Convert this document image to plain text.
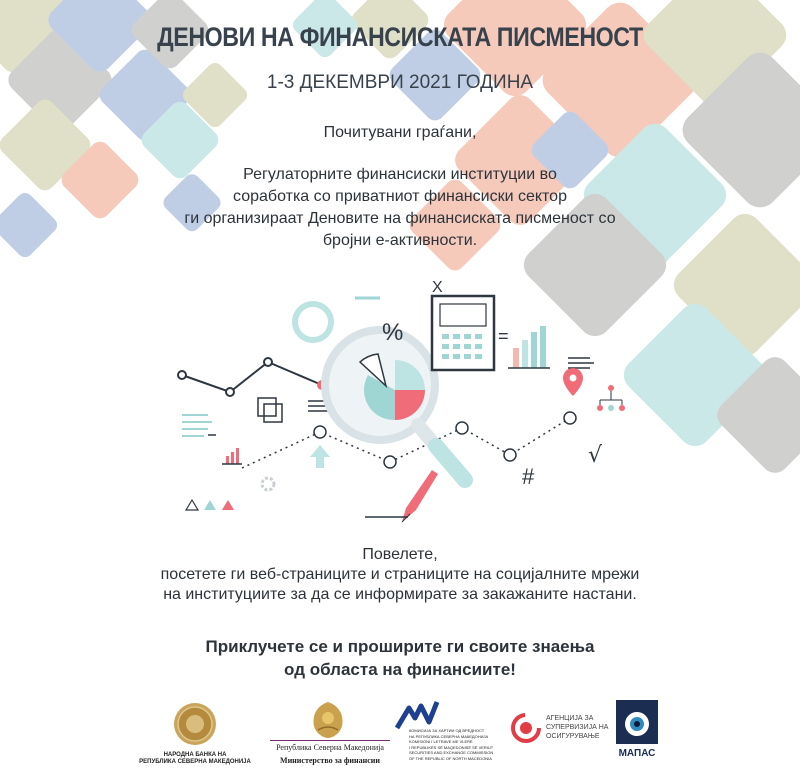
ДЕНОВИ НА ФИНАНСИСКАТА ПИСМЕНОСТ
1-3 ДЕКЕМВРИ 2021 ГОДИНА
Почитувани граѓани,
Регулаторните финансиски институции во
соработка со приватниот финансиски сектор
ги организираат Деновите на финансиската писменост со
бројни е-активности.
%
X
=
√
#
Повелете,
посетете ги веб-страниците и страниците на социјалните мрежи
на институциите за да се информирате за закажаните настани.
Приклучете се и проширите ги своите знаења
од областа на финансиите!
НАРОДНА БАНКА НА
РЕПУБЛИКА СЕВЕРНА МАКЕДОНИЈА
Република Северна Македонија
Министерство за финансии
КОМИСИЈА ЗА ХАРТИИ ОД ВРЕДНОСТ
НА РЕПУБЛИКА СЕВЕРНА МАКЕДОНИЈА
KOMISIONI I LETRAVE ME VLERË
I REPUBLIKËS SË MAQEDONISË SË VERIUT
SECURITIES AND EXCHANGE COMMISSION
OF THE REPUBLIC OF NORTH MACEDONIA
АГЕНЦИЈА ЗА
СУПЕРВИЗИЈА НА
ОСИГУРУВАЊЕ
МАПАС
